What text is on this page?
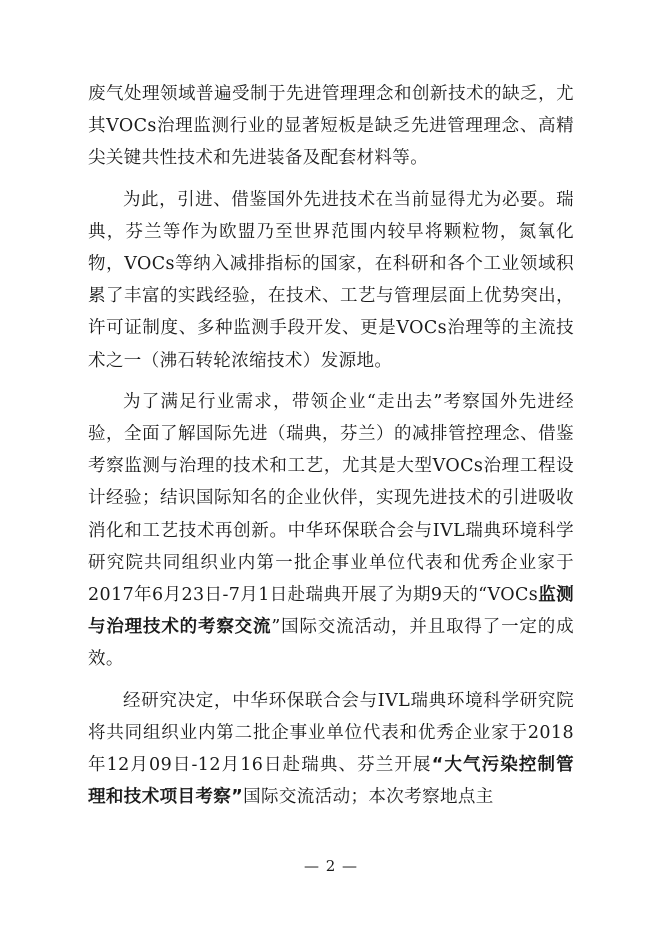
废气处理领域普遍受制于先进管理理念和创新技术的缺乏，尤其VOCs治理监测行业的显著短板是缺乏先进管理理念、高精尖关键共性技术和先进装备及配套材料等。

为此，引进、借鉴国外先进技术在当前显得尤为必要。瑞典，芬兰等作为欧盟乃至世界范围内较早将颗粒物，氮氧化物，VOCs等纳入减排指标的国家，在科研和各个工业领域积累了丰富的实践经验，在技术、工艺与管理层面上优势突出，许可证制度、多种监测手段开发、更是VOCs治理等的主流技术之一（沸石转轮浓缩技术）发源地。

为了满足行业需求，带领企业“走出去”考察国外先进经验，全面了解国际先进（瑞典，芬兰）的减排管控理念、借鉴考察监测与治理的技术和工艺，尤其是大型VOCs治理工程设计经验；结识国际知名的企业伙伴，实现先进技术的引进吸收消化和工艺技术再创新。中华环保联合会与IVL瑞典环境科学研究院共同组织业内第一批企事业单位代表和优秀企业家于2017年6月23日-7月1日赴瑞典开展了为期9天的“VOCs监测与治理技术的考察交流”国际交流活动，并且取得了一定的成效。

经研究决定，中华环保联合会与IVL瑞典环境科学研究院将共同组织业内第二批企事业单位代表和优秀企业家于2018年12月09日-12月16日赴瑞典、芬兰开展“大气污染控制管理和技术项目考察”国际交流活动；本次考察地点主

— 2 —
